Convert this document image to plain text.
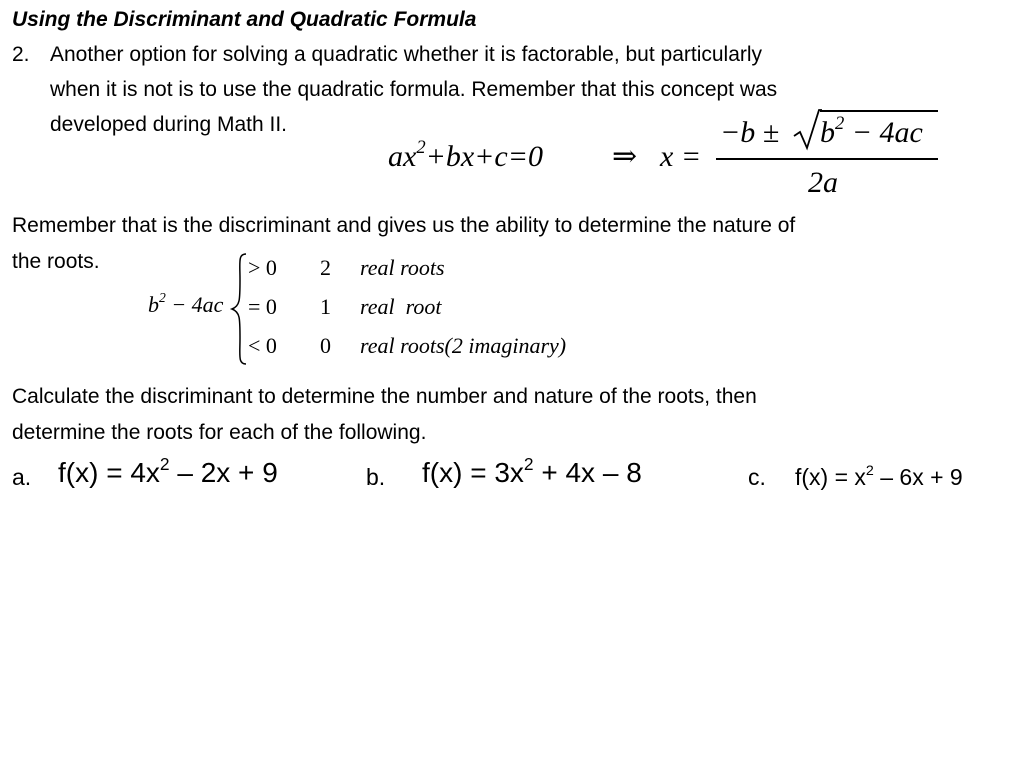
Using the Discriminant and Quadratic Formula
2. Another option for solving a quadratic whether it is factorable, but particularly
when it is not is to use the quadratic formula. Remember that this concept was
developed during Math II.
$ax^2+bx+c=0$ ⇒ x =
$-b \pm b^2 - 4ac$
2a
Remember that is the discriminant and gives us the ability to determine the nature of
the roots.
$b^2 - 4ac$
> 0 2 real roots
= 0 1 real  root
< 0 0 real roots(2 imaginary)
Calculate the discriminant to determine the number and nature of the roots, then
determine the roots for each of the following.
a. $f(x) = 4x^2 - 2x + 9$	b. $f(x) = 3x^2 + 4x - 8$	c. $f(x) = x^2 - 6x + 9$
